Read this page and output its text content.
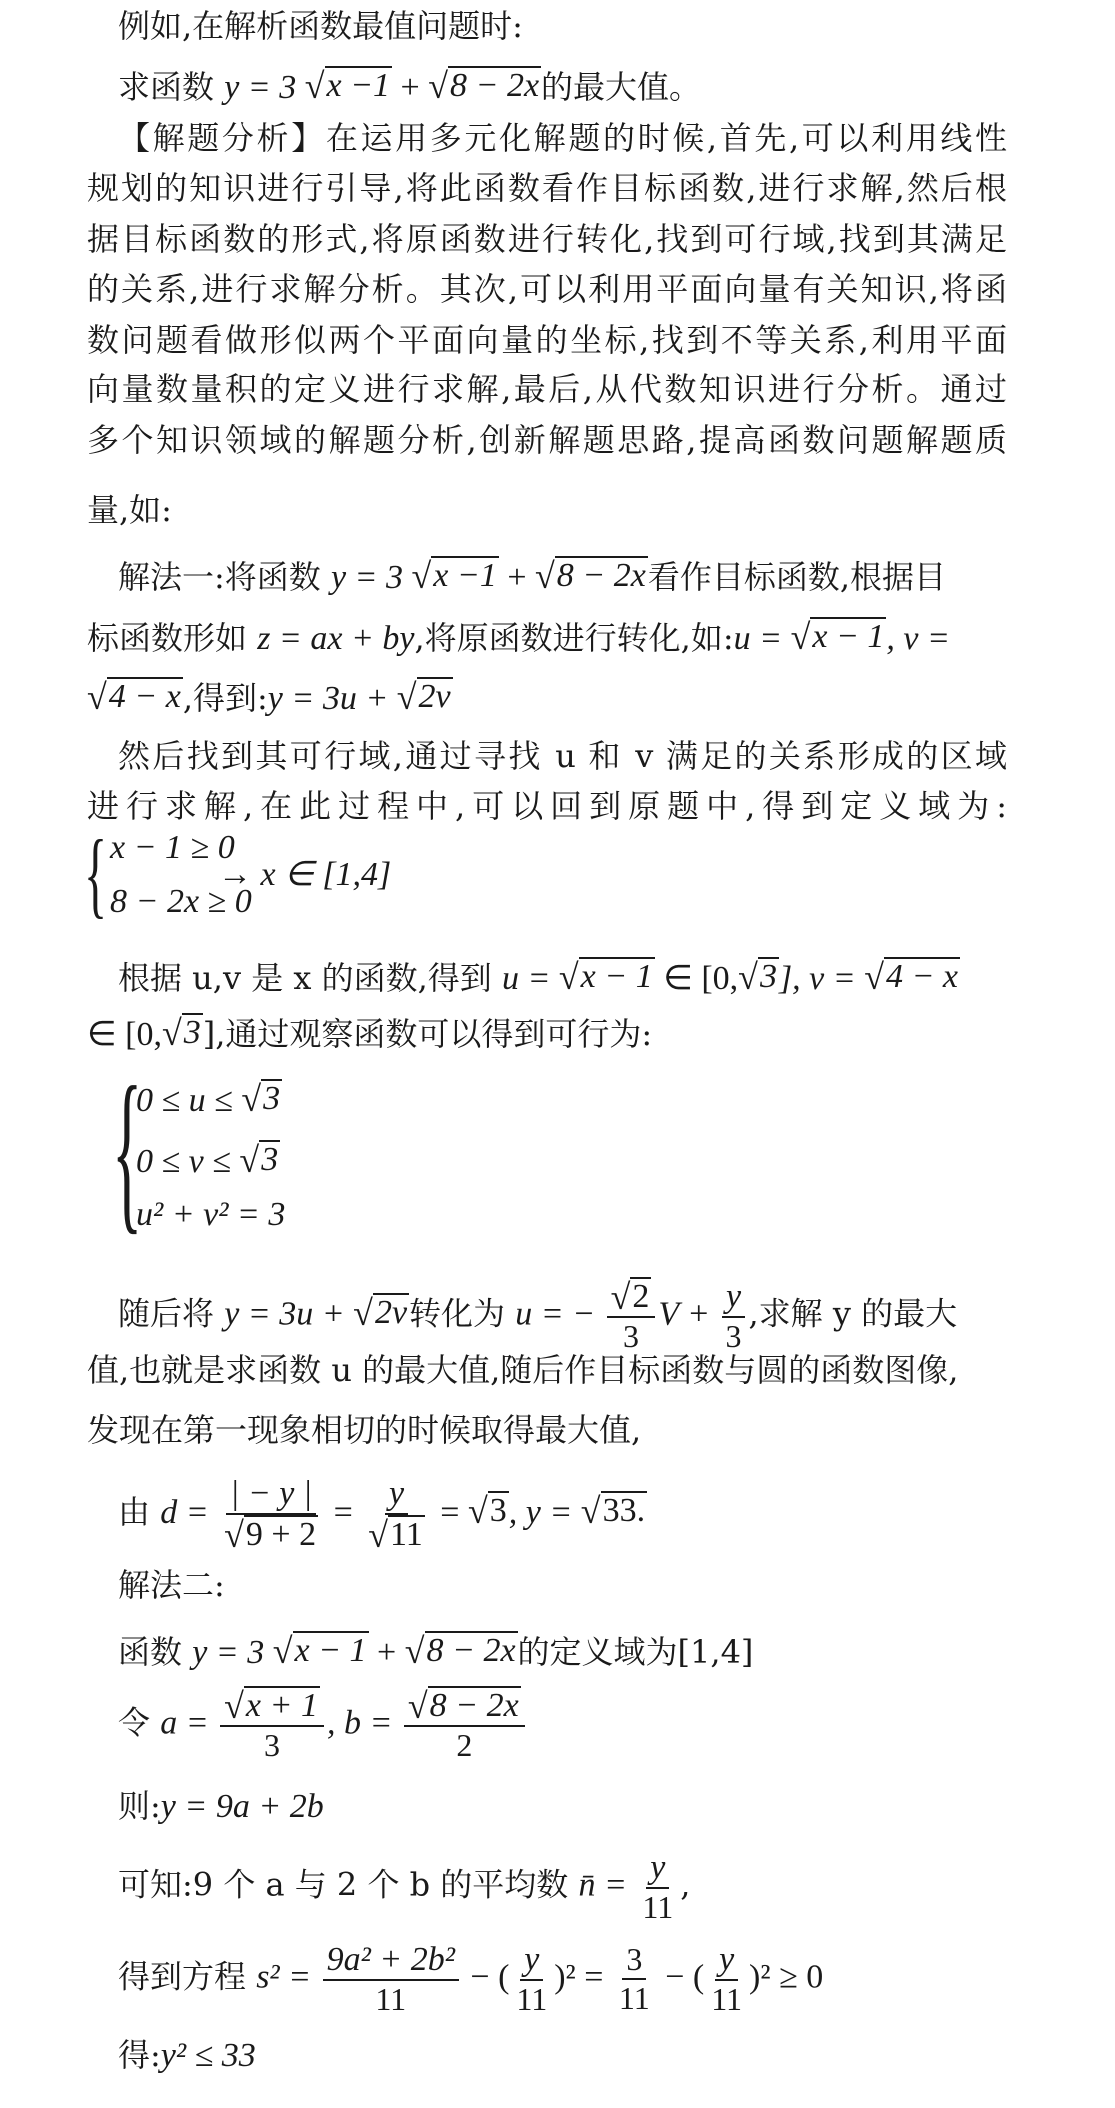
例如,在解析函数最值问题时:
求函数 y = 3 √ x −1 + √ 8 − 2x 的最大值。
【解题分析】在运用多元化解题的时候,首先,可以利用线性
规划的知识进行引导,将此函数看作目标函数,进行求解,然后根
据目标函数的形式,将原函数进行转化,找到可行域,找到其满足
的关系,进行求解分析。其次,可以利用平面向量有关知识,将函
数问题看做形似两个平面向量的坐标,找到不等关系,利用平面
向量数量积的定义进行求解,最后,从代数知识进行分析。通过
多个知识领域的解题分析,创新解题思路,提高函数问题解题质
量,如:
解法一:将函数 y = 3 √ x −1 + √ 8 − 2x 看作目标函数,根据目
标函数形如 z = ax + by,将原函数进行转化,如:u = √ x − 1 , v =
√ 4 − x ,得到:y = 3u + √ 2v
然后找到其可行域,通过寻找 u 和 v 满足的关系形成的区域
进行求解,在此过程中,可以回到原题中,得到定义域为:
{ x − 1 ≥ 0
8 − 2x ≥ 0
→ x ∈ [1,4]
根据 u,v 是 x 的函数,得到 u = √ x − 1 ∈ [0, √ 3 ], v = √ 4 − x
∈ [0, √ 3 ],通过观察函数可以得到可行为:
{
0 ≤ u ≤ √ 3
0 ≤ v ≤ √ 3
u² + v² = 3
随后将 y = 3u + √ 2v 转化为 u = − $\frac{√ 2}{3}$ $V + \frac{y}{3}$ ,求解 y 的最大
值,也就是求函数 u 的最大值,随后作目标函数与圆的函数图像,
发现在第一现象相切的时候取得最大值,
由 $d = \frac{| - y |}{√ 9 + 2} = \frac{y}{√ 11}$ = √ 3 , y = √ 33.
解法二:
函数 y = 3 √ x − 1 + √ 8 − 2x 的定义域为[1,4]
令 $a = \frac{√ x + 1}{3}$ , $b = \frac{√ 8 - 2x}{2}$
则:y = 9a + 2b
可知:9 个 a 与 2 个 b 的平均数 n̄ = $\frac{y}{11}$ ,
得到方程 $s^2 = \frac{\text{9a² + 2b²}}{11}$ − ( $\frac{y}{11} )^2 = \frac{3}{11}$ − ( $\frac{y}{11} )^2 \ge 0$
得:y² ≤ 33
